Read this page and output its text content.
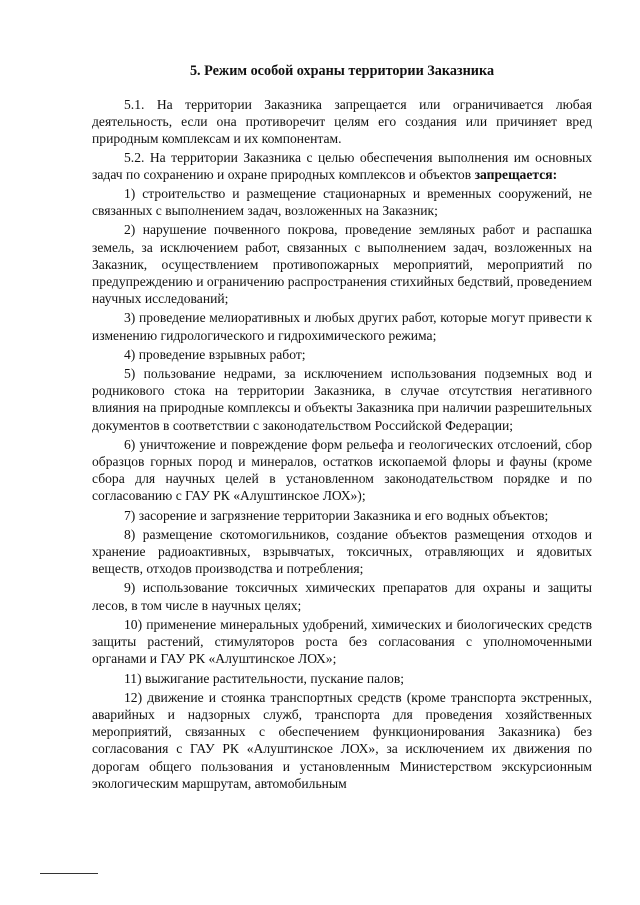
5. Режим особой охраны территории Заказника

5.1. На территории Заказника запрещается или ограничивается любая деятельность, если она противоречит целям его создания или причиняет вред природным комплексам и их компонентам.

5.2. На территории Заказника с целью обеспечения выполнения им основных задач по сохранению и охране природных комплексов и объектов запрещается:

1) строительство и размещение стационарных и временных сооружений, не связанных с выполнением задач, возложенных на Заказник;

2) нарушение почвенного покрова, проведение земляных работ и распашка земель, за исключением работ, связанных с выполнением задач, возложенных на Заказник, осуществлением противопожарных мероприятий, мероприятий по предупреждению и ограничению распространения стихийных бедствий, проведением научных исследований;

3) проведение мелиоративных и любых других работ, которые могут привести к изменению гидрологического и гидрохимического режима;

4) проведение взрывных работ;

5) пользование недрами, за исключением использования подземных вод и родникового стока на территории Заказника, в случае отсутствия негативного влияния на природные комплексы и объекты Заказника при наличии разрешительных документов в соответствии с законодательством Российской Федерации;

6) уничтожение и повреждение форм рельефа и геологических отслоений, сбор образцов горных пород и минералов, остатков ископаемой флоры и фауны (кроме сбора для научных целей в установленном законодательством порядке и по согласованию с ГАУ РК «Алуштинское ЛОХ»);

7) засорение и загрязнение территории Заказника и его водных объектов;

8) размещение скотомогильников, создание объектов размещения отходов и хранение радиоактивных, взрывчатых, токсичных, отравляющих и ядовитых веществ, отходов производства и потребления;

9) использование токсичных химических препаратов для охраны и защиты лесов, в том числе в научных целях;

10) применение минеральных удобрений, химических и биологических средств защиты растений, стимуляторов роста без согласования с уполномоченными органами и ГАУ РК «Алуштинское ЛОХ»;

11) выжигание растительности, пускание палов;

12) движение и стоянка транспортных средств (кроме транспорта экстренных, аварийных и надзорных служб, транспорта для проведения хозяйственных мероприятий, связанных с обеспечением функционирования Заказника) без согласования с ГАУ РК «Алуштинское ЛОХ», за исключением их движения по дорогам общего пользования и установленным Министерством экскурсионным экологическим маршрутам, автомобильным
